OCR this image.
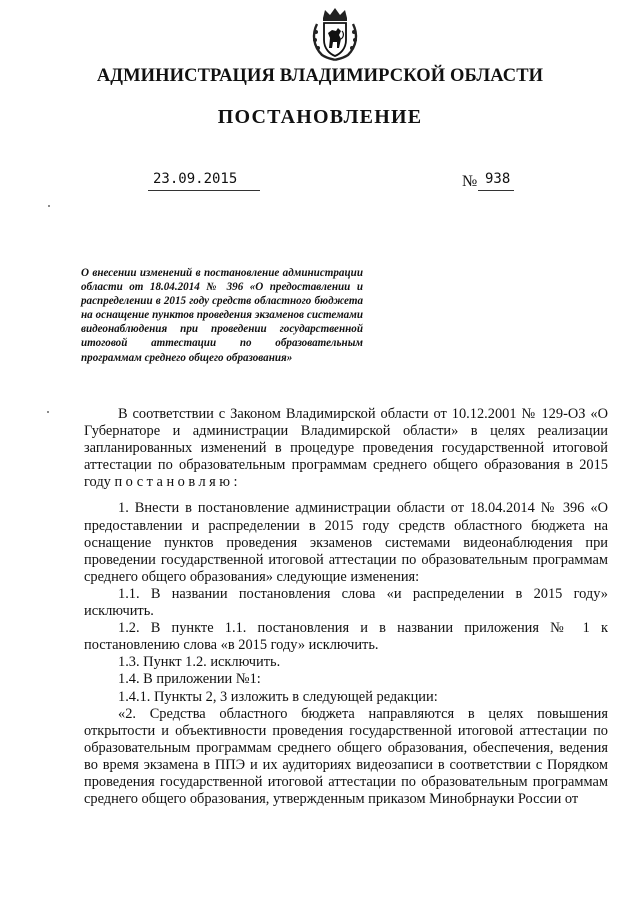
АДМИНИСТРАЦИЯ ВЛАДИМИРСКОЙ ОБЛАСТИ
ПОСТАНОВЛЕНИЕ
23.09.2015	№ 938
О внесении изменений в постановление администрации области от 18.04.2014 № 396 «О предоставлении и распределении в 2015 году средств областного бюджета на оснащение пунктов проведения экзаменов системами видеонаблюдения при проведении государственной итоговой аттестации по образовательным программам среднего общего образования»

В соответствии с Законом Владимирской области от 10.12.2001 № 129-ОЗ «О Губернаторе и администрации Владимирской области» в целях реализации запланированных изменений в процедуре проведения государственной итоговой аттестации по образовательным программам среднего общего образования в 2015 году постановляю:

1. Внести в постановление администрации области от 18.04.2014 № 396 «О предоставлении и распределении в 2015 году средств областного бюджета на оснащение пунктов проведения экзаменов системами видеонаблюдения при проведении государственной итоговой аттестации по образовательным программам среднего общего образования» следующие изменения:

1.1. В названии постановления слова «и распределении в 2015 году» исключить.

1.2. В пункте 1.1. постановления и в названии приложения № 1 к постановлению слова «в 2015 году» исключить.

1.3. Пункт 1.2. исключить.

1.4. В приложении №1:

1.4.1. Пункты 2, 3 изложить в следующей редакции:

«2. Средства областного бюджета направляются в целях повышения открытости и объективности проведения государственной итоговой аттестации по образовательным программам среднего общего образования, обеспечения, ведения во время экзамена в ППЭ и их аудиториях видеозаписи в соответствии с Порядком проведения государственной итоговой аттестации по образовательным программам среднего общего образования, утвержденным приказом Минобрнауки России от
